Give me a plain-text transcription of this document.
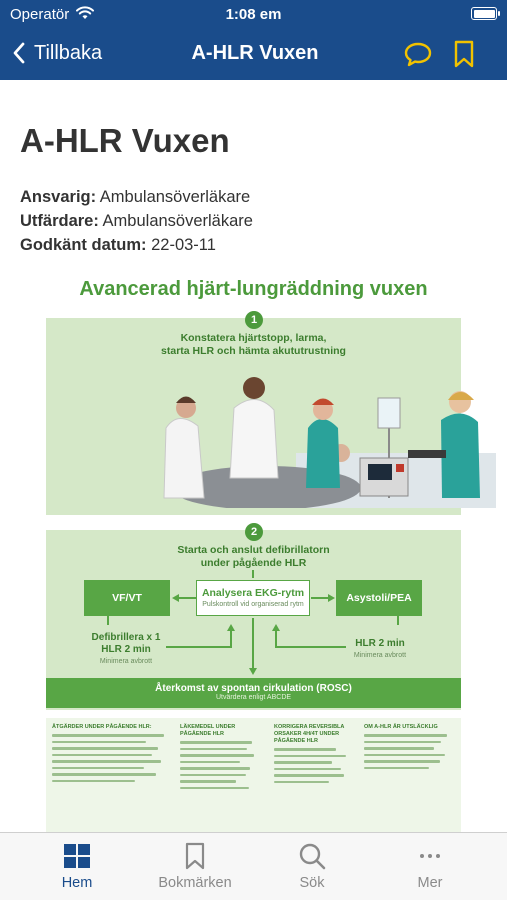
Operatör	1:08 em
Tillbaka	A-HLR Vuxen
A-HLR Vuxen
Ansvarig: Ambulansöverläkare
Utfärdare: Ambulansöverläkare
Godkänt datum: 22-03-11
Avancerad hjärt-lungräddning vuxen
1
Konstatera hjärtstopp, larma,
starta HLR och hämta akututrustning
2
Starta och anslut defibrillatorn
under pågående HLR
VF/VT	Analysera EKG-rytm
Pulskontroll vid organiserad rytm
Asystoli/PEA
Defibrillera x 1
HLR 2 min
Minimera avbrott
HLR 2 min
Minimera avbrott
Återkomst av spontan cirkulation (ROSC)
Utvärdera enligt ABCDE
ÅTGÄRDER UNDER PÅGÅENDE HLR:	LÄKEMEDEL UNDER PÅGÅENDE HLR
KORRIGERA REVERSIBLA ORSAKER 4H/4T UNDER PÅGÅENDE HLR
OM A-HLR ÄR UTSLÄCKLIG
Hem	Bokmärken	Sök	Mer
